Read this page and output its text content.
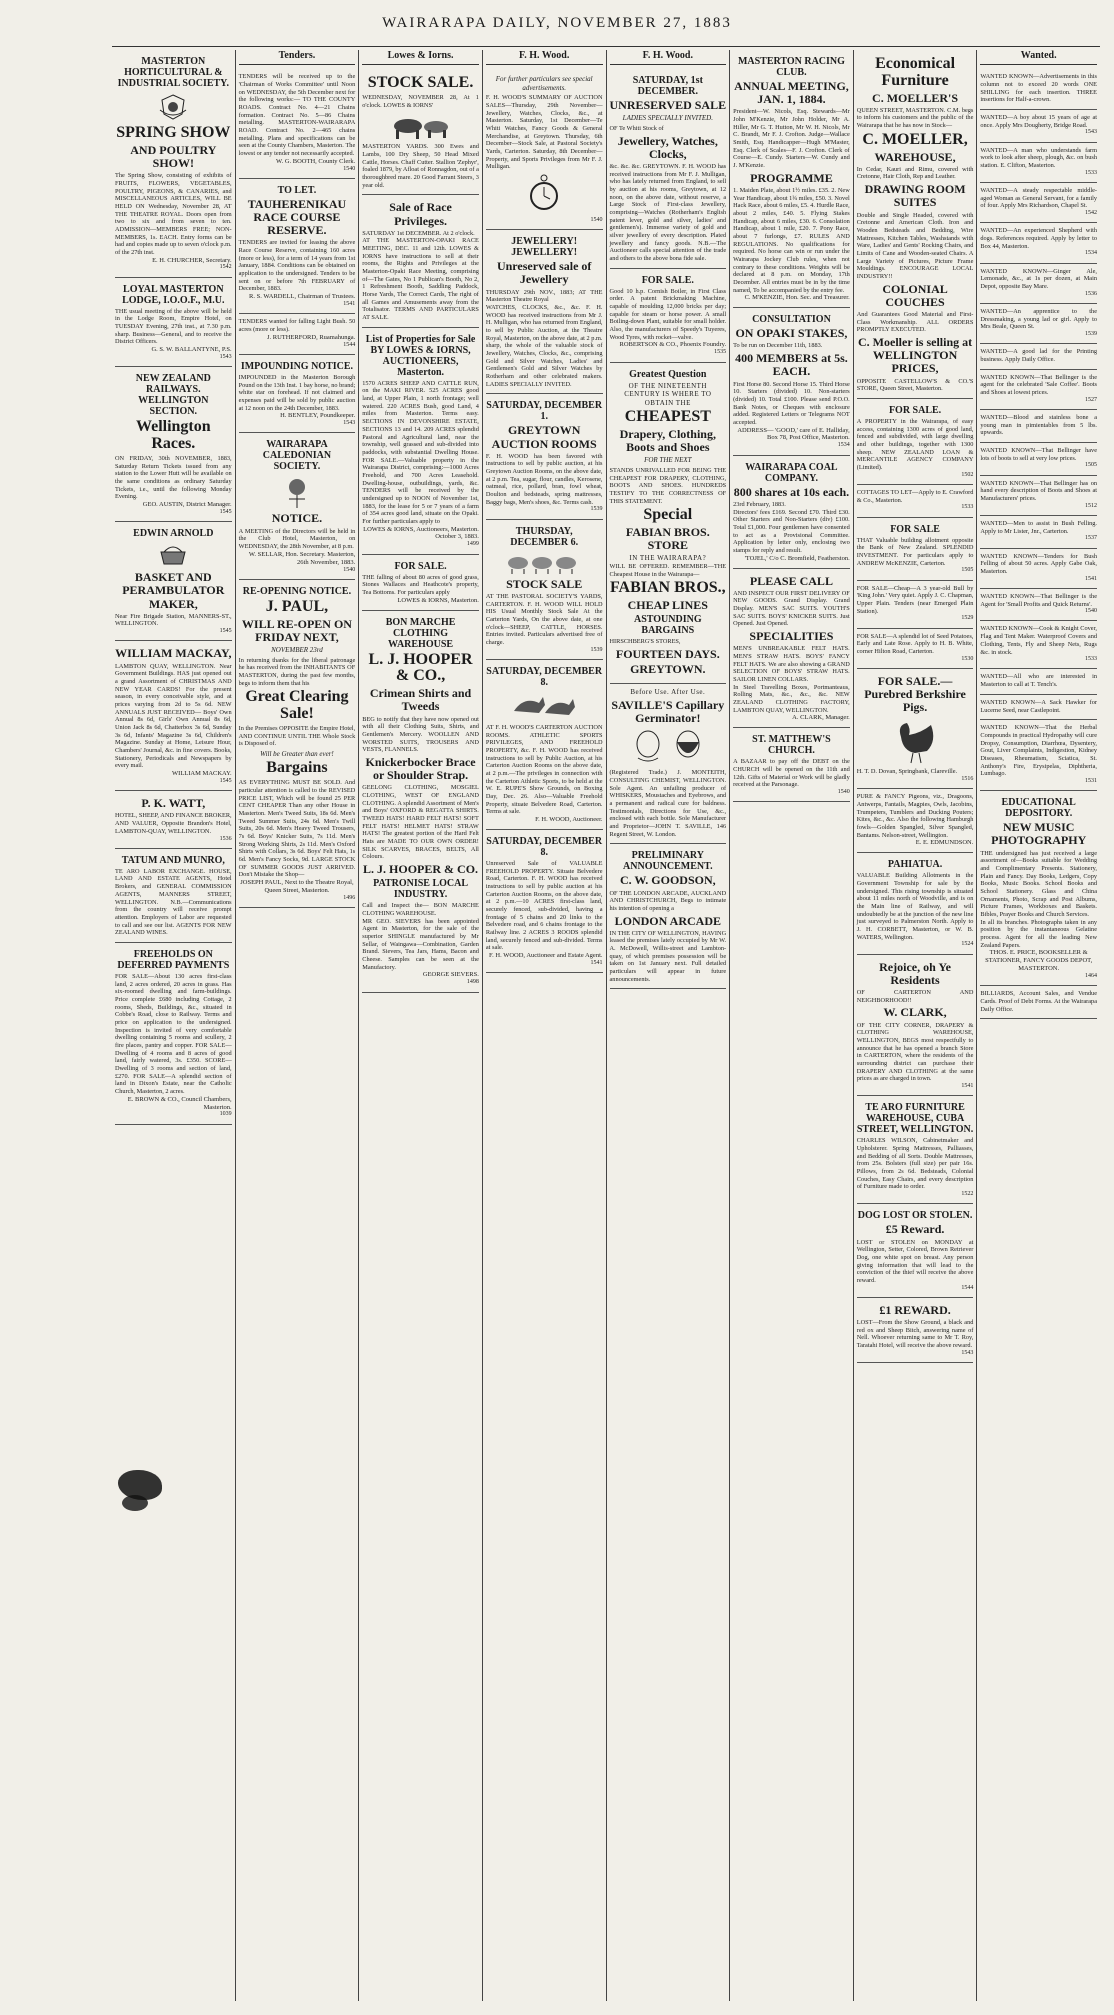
WAIRARAPA DAILY, NOVEMBER 27, 1883
MASTERTON HORTICULTURAL & INDUSTRIAL SOCIETY.
SPRING SHOW
AND POULTRY SHOW!
The Spring Show, consisting of exhibits of FRUITS, FLOWERS, VEGETABLES, POULTRY, PIGEONS, & CANARIES, and MISCELLANEOUS ARTICLES, WILL BE HELD ON Wednesday, November 28, AT THE THEATRE ROYAL. Doors open from two to six and from seven to ten. ADMISSION—MEMBERS FREE; NON-MEMBERS, 1s. EACH. Entry forms can be had and copies made up to seven o'clock p.m. of the 27th inst.
E. H. CHURCHER, Secretary.
1542
LOYAL MASTERTON LODGE, I.O.O.F., M.U.
THE usual meeting of the above will be held in the Lodge Room, Empire Hotel, on TUESDAY Evening, 27th inst., at 7.30 p.m. sharp. Business—General, and to receive the District Officers.
G. S. W. BALLANTYNE, P.S.
1543
NEW ZEALAND RAILWAYS. WELLINGTON SECTION.
Wellington Races.
ON FRIDAY, 30th NOVEMBER, 1883, Saturday Return Tickets issued from any station to the Lower Hutt will be available on the same conditions as ordinary Saturday Tickets, i.e., until the following Monday Evening.
GEO. AUSTIN, District Manager.
1545
EDWIN ARNOLD
BASKET AND PERAMBULATOR MAKER,
Near Fire Brigade Station, MANNERS-ST., WELLINGTON.
1545
WILLIAM MACKAY,
LAMBTON QUAY, WELLINGTON. Near Government Buildings. HAS just opened out a grand Assortment of CHRISTMAS AND NEW YEAR CARDS! For the present season, in every conceivable style, and at prices varying from 2d to 5s 6d. NEW ANNUALS JUST RECEIVED— Boys' Own Annual 8s 6d, Girls' Own Annual 8s 6d, Union Jack 8s 6d, Chatterbox 3s 6d, Sunday 3s 6d, Infants' Magazine 3s 6d, Children's Magazine. Sunday at Home, Leisure Hour, Chambers' Journal, &c. in fine covers. Books, Stationery, Periodicals and Newspapers by every mail.
WILLIAM MACKAY.
1545
P. K. WATT,
HOTEL, SHEEP, AND FINANCE BROKER, AND VALUER, Opposite Brandon's Hotel, LAMBTON-QUAY, WELLINGTON.
1536
TATUM AND MUNRO,
TE ARO LABOR EXCHANGE. HOUSE, LAND AND ESTATE AGENTS, Hotel Brokers, and GENERAL COMMISSION AGENTS, MANNERS STREET, WELLINGTON. N.B.—Communications from the country will receive prompt attention. Employers of Labor are requested to call and see our list. AGENTS FOR NEW ZEALAND WINES.
FREEHOLDS ON DEFERRED PAYMENTS
FOR SALE—About 130 acres first-class land, 2 acres ordered, 20 acres in grass. Has six-roomed dwelling and farm-buildings. Price complete £680 including Cottage, 2 rooms, Sheds, Buildings, &c., situated in Cobbe's Road, close to Railway. Terms and price on application to the undersigned. Inspection is invited of very comfortable dwelling containing 5 rooms and scullery, 2 fire places, pantry and copper. FOR SALE—Dwelling of 4 rooms and 8 acres of good land, fairly watered, 3s. £350. SCORE—Dwelling of 3 rooms and section of land, £270. FOR SALE—A splendid section of land in Dixon's Estate, near the Catholic Church, Masterton, 2 acres.
E. BROWN & CO., Council Chambers, Masterton.
1039
Tenders.
TENDERS will be received up to the 'Chairman of Works Committee' until Noon on WEDNESDAY, the 5th December next for the following works:— TO THE COUNTY ROADS. Contract No. 4—21 Chains formation. Contract No. 5—86 Chains metalling. MASTERTON-WAIRARAPA ROAD. Contract No. 2—465 chains metalling. Plans and specifications can be seen at the County Chambers, Masterton. The lowest or any tender not necessarily accepted.
W. G. BOOTH, County Clerk.
1540
TO LET.
TAUHERENIKAU RACE COURSE RESERVE.
TENDERS are invited for leasing the above Race Course Reserve, containing 160 acres (more or less), for a term of 14 years from 1st January, 1884. Conditions can be obtained on application to the undersigned. Tenders to be sent on or before 7th FEBRUARY of December, 1883.
R. S. WARDELL, Chairman of Trustees.
1541
TENDERS wanted for falling Light Bush. 50 acres (more or less).
J. RUTHERFORD, Ruamahunga.
1544
IMPOUNDING NOTICE.
IMPOUNDED in the Masterton Borough Pound on the 13th Inst. 1 bay horse, no brand; white star on forehead. If not claimed and expenses paid will be sold by public auction at 12 noon on the 24th December, 1883.
H. BENTLEY, Poundkeeper.
1543
WAIRARAPA CALEDONIAN SOCIETY.
NOTICE.
A MEETING of the Directors will be held in the Club Hotel, Masterton, on WEDNESDAY, the 28th November, at 8 p.m.
W. SELLAR, Hon. Secretary. Masterton, 26th November, 1883.
1540
RE-OPENING NOTICE.
J. PAUL,
WILL RE-OPEN ON FRIDAY NEXT,
NOVEMBER 23rd
In returning thanks for the liberal patronage he has received from the INHABITANTS OF MASTERTON, during the past few months, begs to inform them that his
Great Clearing Sale!
In the Premises OPPOSITE the Empire Hotel, AND CONTINUE UNTIL THE Whole Stock is Disposed of.
Will be Greater than ever!
Bargains
AS EVERYTHING MUST BE SOLD. And particular attention is called to the REVISED PRICE LIST, Which will be found 25 PER CENT CHEAPER Than any other House in Masterton. Men's Tweed Suits, 18s 6d. Men's Tweed Summer Suits, 24s 6d. Men's Twill Suits, 20s 6d. Men's Heavy Tweed Trousers, 7s 6d. Boys' Knicker Suits, 7s 11d. Men's Strong Working Shirts, 2s 11d. Men's Oxford Shirts with Collars, 3s 6d. Boys' Felt Hats, 1s 6d. Men's Fancy Socks, 9d. LARGE STOCK OF SUMMER GOODS JUST ARRIVED. Don't Mistake the Shop—
JOSEPH PAUL, Next to the Theatre Royal, Queen Street, Masterton.
1496
Lowes & Iorns.
STOCK SALE.
WEDNESDAY, NOVEMBER 28, At 1 o'clock. LOWES & IORNS'
MASTERTON YARDS. 300 Ewes and Lambs, 100 Dry Sheep, 50 Head Mixed Cattle, Horses. Chaff Cutter. Stallion 'Zephyr', foaled 1879, by Afloat of Ronnagdon, out of a thoroughbred mare. 20 Good Farrant Steers, 3 year old.
Sale of Race Privileges.
SATURDAY 1st DECEMBER. At 2 o'clock.
AT THE MASTERTON-OPAKI RACE MEETING, DEC. 11 and 12th. LOWES & IORNS have instructions to sell at their rooms, the Rights and Privileges at the Masterton-Opaki Race Meeting, comprising of—The Gates, No 1 Publican's Booth, No 2, 1 Refreshment Booth, Saddling Paddock, Horse Yards, The Correct Cards, The right of all Games and Amusements away from the Totalisator. TERMS AND PARTICULARS AT SALE.
List of Properties for Sale BY LOWES & IORNS, AUCTIONEERS, Masterton.
1570 ACRES SHEEP AND CATTLE RUN, on the MAKI RIVER. 525 ACRES good land, at Upper Plain, 1 north frontage; well watered. 220 ACRES Bush, good Land, 4 miles from Masterton. Terms easy. SECTIONS IN DEVONSHIRE ESTATE, SECTIONS 13 and 14. 209 ACRES splendid Pastoral and Agricultural land, near the township, well grassed and sub-divided into paddocks, with substantial Dwelling House. FOR SALE.—Valuable property in the Wairarapa District, comprising:—1000 Acres Freehold, and 700 Acres Leasehold. Dwelling-house, outbuildings, yards, &c. TENDERS will be received by the undersigned up to NOON of November 1st, 1883, for the lease for 5 or 7 years of a farm of 354 acres good land, situate on the Opaki. For further particulars apply to
LOWES & IORNS, Auctioneers, Masterton. October 3, 1883.
1499
FOR SALE.
THE falling of about 80 acres of good grass, Stones Wallaces and Heathcote's property, Tea Bottoms. For particulars apply
LOWES & IORNS, Masterton.
BON MARCHE CLOTHING WAREHOUSE
L. J. HOOPER & CO.,
Crimean Shirts and Tweeds
BEG to notify that they have now opened out with all their Clothing Suits, Shirts, and Gentlemen's Mercery. WOOLLEN AND WORSTED SUITS, TROUSERS AND VESTS, FLANNELS.
Knickerbocker Brace or Shoulder Strap.
GEELONG CLOTHING, MOSGIEL CLOTHING, WEST OF ENGLAND CLOTHING. A splendid Assortment of Men's and Boys' OXFORD & REGATTA SHIRTS. TWEED HATS! HARD FELT HATS! SOFT FELT HATS! HELMET HATS! STRAW HATS! The greatest portion of the Hard Felt Hats are MADE TO OUR OWN ORDER! SILK SCARVES, BRACES, BELTS, All Colours.
L. J. HOOPER & CO.
PATRONISE LOCAL INDUSTRY.
Call and Inspect the— BON MARCHE CLOTHING WAREHOUSE.
MR GEO. SIEVERS has been appointed Agent in Masterton, for the sale of the superior SHINGLE manufactured by Mr Sellar, of Waingawa—Combination, Garden Brand. Sievers, Tea Jars, Hams, Bacon and Cheese. Samples can be seen at the Manufactory.
GEORGE SIEVERS.
1498
F. H. Wood.
For further particulars see special advertisements.
F. H. WOOD'S SUMMARY OF AUCTION SALES—Thursday, 29th November—Jewellery, Watches, Clocks, &c., at Masterton. Saturday, 1st December—Te Whiti Watches, Fancy Goods & General Merchandise, at Greytown. Thursday, 6th December—Stock Sale, at Pastoral Society's Yards, Carterton. Saturday, 8th December—Property, and Sports Privileges from Mr F. J. Mulligan.
1540
JEWELLERY! JEWELLERY!
Unreserved sale of Jewellery
THURSDAY 29th NOV., 1883; AT THE Masterton Theatre Royal
WATCHES, CLOCKS, &c., &c. F. H. WOOD has received instructions from Mr J. H. Mulligan, who has returned from England, to sell by Public Auction, at the Theatre Royal, Masterton, on the above date, at 2 p.m. sharp, the whole of the valuable stock of Jewellery, Watches, Clocks, &c., comprising Gold and Silver Watches, Ladies' and Gentlemen's Gold and Silver Watches by Rotherham and other celebrated makers. LADIES SPECIALLY INVITED.
SATURDAY, DECEMBER 1.
GREYTOWN AUCTION ROOMS
F. H. WOOD has been favored with instructions to sell by public auction, at his Greytown Auction Rooms, on the above date, at 2 p.m. Tea, sugar, flour, candles, Kerosene, oatmeal, rice, pollard, bran, fowl wheat, Doulton and bedsteads, spring mattresses, Baggy bags, Men's shoes, &c. Terms cash.
1539
THURSDAY, DECEMBER 6.
STOCK SALE
AT THE PASTORAL SOCIETY'S YARDS, CARTERTON. F. H. WOOD WILL HOLD HIS Usual Monthly Stock Sale At the Carterton Yards, On the above date, at one o'clock—SHEEP, CATTLE, HORSES. Entries invited. Particulars advertised free of charge.
1539
SATURDAY, DECEMBER 8.
AT F. H. WOOD'S CARTERTON AUCTION ROOMS. ATHLETIC SPORTS PRIVILEGES, AND FREEHOLD PROPERTY, &c. F. H. WOOD has received instructions to sell by Public Auction, at his Carterton Auction Rooms on the above date, at 2 p.m.—The privileges in connection with the Carterton Athletic Sports, to be held at the W. E. RUPE'S Show Grounds, on Boxing Day, Dec. 26. Also—Valuable Freehold Property, situate Belvedere Road, Carterton. Terms at sale.
F. H. WOOD, Auctioneer.
SATURDAY, DECEMBER 8.
Unreserved Sale of VALUABLE FREEHOLD PROPERTY. Situate Belvedere Road, Carterton. F. H. WOOD has received instructions to sell by public auction at his Carterton Auction Rooms, on the above date, at 2 p.m.—10 ACRES first-class land, securely fenced, sub-divided, having a frontage of 5 chains and 20 links to the Belvedere road, and 6 chains frontage to the Railway line. 2 ACRES 3 ROODS splendid land, securely fenced and sub-divided. Terms at sale.
F. H. WOOD, Auctioneer and Estate Agent.
1541
F. H. Wood.
SATURDAY, 1st DECEMBER.
UNRESERVED SALE
LADIES SPECIALLY INVITED.
OF Te Whiti Stock of
Jewellery, Watches, Clocks,
&c. &c. &c. GREYTOWN. F. H. WOOD has received instructions from Mr F. J. Mulligan, who has lately returned from England, to sell by auction at his rooms, Greytown, at 12 noon, on the above date, without reserve, a Large Stock of First-class Jewellery, comprising—Watches (Rotherham's English patent lever, gold and silver, ladies' and gentlemen's). Immense variety of gold and silver jewellery of every description. Plated jewellery and fancy goods. N.B.—The Auctioneer calls special attention of the trade and others to the above bona fide sale.
FOR SALE.
Good 10 h.p. Cornish Boiler, in First Class order. A patent Brickmaking Machine, capable of moulding 12,000 bricks per day; capable for steam or horse power. A small Boiling-down Plant, suitable for small holder. Also, the manufacturers of Speedy's Tuyeres, Wood Tyres, with rocket—valve.
ROBERTSON & CO., Phoenix Foundry.
1535
Greatest Question
OF THE NINETEENTH CENTURY IS WHERE TO OBTAIN THE
CHEAPEST
Drapery, Clothing, Boots and Shoes
FOR THE NEXT
STANDS UNRIVALLED FOR BEING THE CHEAPEST FOR DRAPERY, CLOTHING, BOOTS AND SHOES. HUNDREDS TESTIFY TO THE CORRECTNESS OF THIS STATEMENT.
Special
FABIAN BROS. STORE
IN THE WAIRARAPA?
WILL BE OFFERED. REMEMBER—THE Cheapest House in the Wairarapa—
FABIAN BROS.,
CHEAP LINES
ASTOUNDING BARGAINS
HIRSCHBERG'S STORES,
FOURTEEN DAYS.
GREYTOWN.
Before Use. After Use.
SAVILLE'S Capillary Germinator!
(Registered Trade.) J. MONTEITH, CONSULTING CHEMIST, WELLINGTON. Sole Agent. An unfailing producer of WHISKERS, Moustaches and Eyebrows, and a permanent and radical cure for baldness. Testimonials, Directions for Use, &c., enclosed with each bottle. Sole Manufacturer and Proprietor—JOHN T. SAVILLE, 146 Regent Street, W. London.
PRELIMINARY ANNOUNCEMENT.
C. W. GOODSON,
OF THE LONDON ARCADE, AUCKLAND AND CHRISTCHURCH, Begs to intimate his intention of opening a
LONDON ARCADE
IN THE CITY OF WELLINGTON, HAVING leased the premises lately occupied by Mr W. A. McDowell, Willis-street and Lambton-quay, of which premises possession will be taken on 1st January next. Full detailed particulars will appear in future announcements.
MASTERTON RACING CLUB.
ANNUAL MEETING, JAN. 1, 1884.
President—W. Nicols, Esq. Stewards—Mr John M'Kenzie, Mr John Holder, Mr A. Hiller, Mr G. T. Hutton, Mr W. H. Nicols, Mr C. Brandt, Mr F. J. Crofton. Judge—Wallace Smith, Esq. Handicapper—Hugh M'Master, Esq. Clerk of Scales—F. J. Crofton. Clerk of Course—E. Cundy. Starters—W. Cundy and J. M'Kenzie.
PROGRAMME
1. Maiden Plate, about 1½ miles. £35. 2. New Year Handicap, about 1¾ miles, £50. 3. Novel Hack Race, about 6 miles, £5. 4. Hurdle Race, about 2 miles, £40. 5. Flying Stakes Handicap, about 6 miles, £30. 6. Consolation Handicap, about 1 mile, £20. 7. Pony Race, about 7 furlongs, £7. RULES AND REGULATIONS. No qualifications for required. No horse can win or run under the Wairarapa Jockey Club rules, when not contrary to these conditions. Weights will be declared at 8 p.m. on Monday, 17th December. All entries must be in by the time named, To be accompanied by the entry fee.
C. M'KENZIE, Hon. Sec. and Treasurer.
CONSULTATION
ON OPAKI STAKES,
To be run on December 11th, 1883.
400 MEMBERS at 5s. EACH.
First Horse 80. Second Horse 15. Third Horse 10. Starters (divided) 10. Non-starters (divided) 10. Total £100. Please send P.O.O. Bank Notes, or Cheques with enclosure added. Registered Letters or Telegrams NOT accepted.
ADDRESS— 'GOOD,' care of E. Halliday, Box 78, Post Office, Masterton.
1534
WAIRARAPA COAL COMPANY.
800 shares at 10s each.
23rd February, 1883.
Directors' fees £169. Second £70. Third £30. Other Starters and Non-Starters (div) £100. Total £1,000. Four gentlemen have consented to act as a Provisional Committee. Application by letter only, enclosing two stamps for reply and result.
'TOJEL,' C/o C. Bromfield, Featherston.
PLEASE CALL
AND INSPECT OUR FIRST DELIVERY OF NEW GOODS. Grand Display. Grand Display. MEN'S SAC SUITS. YOUTH'S SAC SUITS. BOYS' KNICKER SUITS. Just Opened. Just Opened.
SPECIALITIES
MEN'S UNBREAKABLE FELT HATS. MEN'S STRAW HATS. BOYS' FANCY FELT HATS. We are also showing a GRAND SELECTION OF BOYS' STRAW HATS. SAILOR LINEN COLLARS.
In Steel Travelling Boxes, Portmanteaus, Rolling Mats, &c., &c., &c. NEW ZEALAND CLOTHING FACTORY, LAMBTON QUAY, WELLINGTON.
A. CLARK, Manager.
ST. MATTHEW'S CHURCH.
A BAZAAR to pay off the DEBT on the CHURCH will be opened on the 11th and 12th. Gifts of Material or Work will be gladly received at the Parsonage.
1540
Economical Furniture
C. MOELLER'S
QUEEN STREET, MASTERTON. C.M. begs to inform his customers and the public of the Wairarapa that he has now in Stock—
C. MOELLER,
WAREHOUSE,
In Cedar, Kauri and Rimu, covered with Cretonne, Hair Cloth, Rep and Leather.
DRAWING ROOM SUITES
Double and Single Headed, covered with Cretonne and American Cloth. Iron and Wooden Bedsteads and Bedding, Wire Mattresses, Kitchen Tables, Washstands with Ware, Ladies' and Gents' Rocking Chairs, and Limits of Cane and Wooden-seated Chairs. A Large Variety of Pictures, Picture Frame Mouldings. ENCOURAGE LOCAL INDUSTRY!!
COLONIAL COUCHES
And Guarantees Good Material and First-Class Workmanship. ALL ORDERS PROMPTLY EXECUTED.
C. Moeller is selling at WELLINGTON PRICES,
OPPOSITE CASTELLOW'S & CO.'S STORE, Queen Street, Masterton.
FOR SALE.
A PROPERTY in the Wairarapa, of easy access, containing 1300 acres of good land, fenced and subdivided, with large dwelling and other buildings, together with 1300 sheep. NEW ZEALAND LOAN & MERCANTILE AGENCY COMPANY (Limited).
1502
COTTAGES TO LET—Apply to E. Crawford & Co., Masterton.
1533
FOR SALE
THAT Valuable building allotment opposite the Bank of New Zealand. SPLENDID INVESTMENT. For particulars apply to ANDREW McKENZIE, Carterton.
1505
FOR SALE—Cheap—A 3 year-old Bull by 'King John.' Very quiet. Apply J. C. Chapman, Upper Plain. Tenders (near Emerged Plain Station).
1529
FOR SALE—A splendid lot of Seed Potatoes, Early and Late Rose. Apply to H. B. White, corner Hilton Road, Carterton.
1530
FOR SALE.—Purebred Berkshire Pigs.
H. T. D. Dovan, Springbank, Clareville.
1516
PURE & FANCY Pigeons, viz., Dragoons, Antwerps, Fantails, Magpies, Owls, Jacobins, Trumpeters, Tumblers and Ducking Pouters; Kites, &c., &c. Also the following Hamburgh fowls—Golden Spangled, Silver Spangled, Bantams. Nelson-street, Wellington.
E. E. EDMUNDSON.
PAHIATUA.
VALUABLE Building Allotments in the Government Township for sale by the undersigned. This rising township is situated about 11 miles north of Woodville, and is on the Main line of Railway, and will undoubtedly be at the junction of the new line just surveyed to Palmerston North. Apply to J. H. CORBETT, Masterton, or W. B. WATERS, Wellington.
1524
Rejoice, oh Ye Residents
OF CARTERTON AND NEIGHBORHOOD!!
W. CLARK,
OF THE CITY CORNER, DRAPERY & CLOTHING WAREHOUSE, WELLINGTON, BEGS most respectfully to announce that he has opened a branch Store in CARTERTON, where the residents of the surrounding district can purchase their DRAPERY AND CLOTHING at the same prices as are charged in town.
1541
TE ARO FURNITURE WAREHOUSE, CUBA STREET, WELLINGTON.
CHARLES WILSON, Cabinetmaker and Upholsterer. Spring Mattresses, Palliasses, and Bedding of all Sorts. Double Mattresses, from 25s. Bolsters (full size) per pair 16s. Pillows, from 2s 6d. Bedsteads, Colonial Couches, Easy Chairs, and every description of Furniture made to order.
1522
DOG LOST OR STOLEN.
£5 Reward.
LOST or STOLEN on MONDAY at Wellington, Setter, Colored, Brown Retriever Dog, one white spot on breast. Any person giving information that will lead to the conviction of the thief will receive the above reward.
1544
£1 REWARD.
LOST—From the Show Ground, a black and red ox and Sheep Bitch, answering name of Nell. Whoever returning same to Mr T. Roy, Taratahi Hotel, will receive the above reward.
1543
Wanted.
WANTED KNOWN—Advertisements in this column not to exceed 20 words ONE SHILLING for each insertion. THREE insertions for Half-a-crown.
WANTED—A boy about 15 years of age at once. Apply Mrs Dougherty, Bridge Road.
1543
WANTED—A man who understands farm work to look after sheep, plough, &c. on bush station. E. Clifton, Masterton.
1533
WANTED—A steady respectable middle-aged Woman as General Servant, for a family of four. Apply Mrs Richardson, Chapel St.
1542
WANTED—An experienced Shepherd with dogs. References required. Apply by letter to Box 44, Masterton.
1534
WANTED KNOWN—Ginger Ale, Lemonade, &c., at 1s per dozen, at Main Depot, opposite Bay Mare.
1536
WANTED—An apprentice to the Dressmaking, a young lad or girl. Apply to Mrs Beale, Queen St.
1539
WANTED—A good lad for the Printing business. Apply Daily Office.
WANTED KNOWN—That Bellinger is the agent for the celebrated 'Sale Coffee'. Boots and Shoes at lowest prices.
1527
WANTED—Blood and stainless bone a young man in pimientables from 5 lbs. upwards.
WANTED KNOWN—That Bellinger have lots of boots to sell at very low prices.
1505
WANTED KNOWN—That Bellinger has on hand every description of Boots and Shoes at Manufacturers' prices.
1512
WANTED—Men to assist in Bush Felling. Apply to Mr Lister, Jnr., Carterton.
1537
WANTED KNOWN—Tenders for Bush Felling of about 50 acres. Apply Gabe Oak, Masterton.
1541
WANTED KNOWN—That Bellinger is the Agent for 'Small Profits and Quick Returns'.
1540
WANTED KNOWN—Cook & Knight Cover, Flag and Tent Maker. Waterproof Covers and Clothing, Tents, Fly and Sheep Nets, Rugs &c. in stock.
1533
WANTED—All who are interested in Masterton to call at T. Tench's.
WANTED KNOWN—A Sack Hawker for Lucerne Seed, near Castlepoint.
WANTED KNOWN—That the Herbal Compounds in practical Hydropathy will cure Dropsy, Consumption, Diarrhœa, Dysentery, Gout, Liver Complaints, Indigestion, Kidney Diseases, Rheumatism, Sciatica, St. Anthony's Fire, Erysipelas, Diphtheria, Lumbago.
1531
EDUCATIONAL DEPOSITORY.
NEW MUSIC PHOTOGRAPHY
THE undersigned has just received a large assortment of—Books suitable for Wedding and Complimentary Presents. Stationery, Plain and Fancy. Day Books, Ledgers, Copy Books, Music Books. School Books and School Stationery. Glass and China Ornaments, Photo, Scrap and Post Albums, Picture Frames, Workboxes and Baskets. Bibles, Prayer Books and Church Services.
In all its branches. Photographs taken in any position by the instantaneous Gelatine process. Agent for all the leading New Zealand Papers.
THOS. E. PRICE, BOOKSELLER & STATIONER, FANCY GOODS DEPOT, MASTERTON.
1464
BILLIARDS, Account Sales, and Vendue Cards. Proof of Debt Forms. At the Wairarapa Daily Office.
